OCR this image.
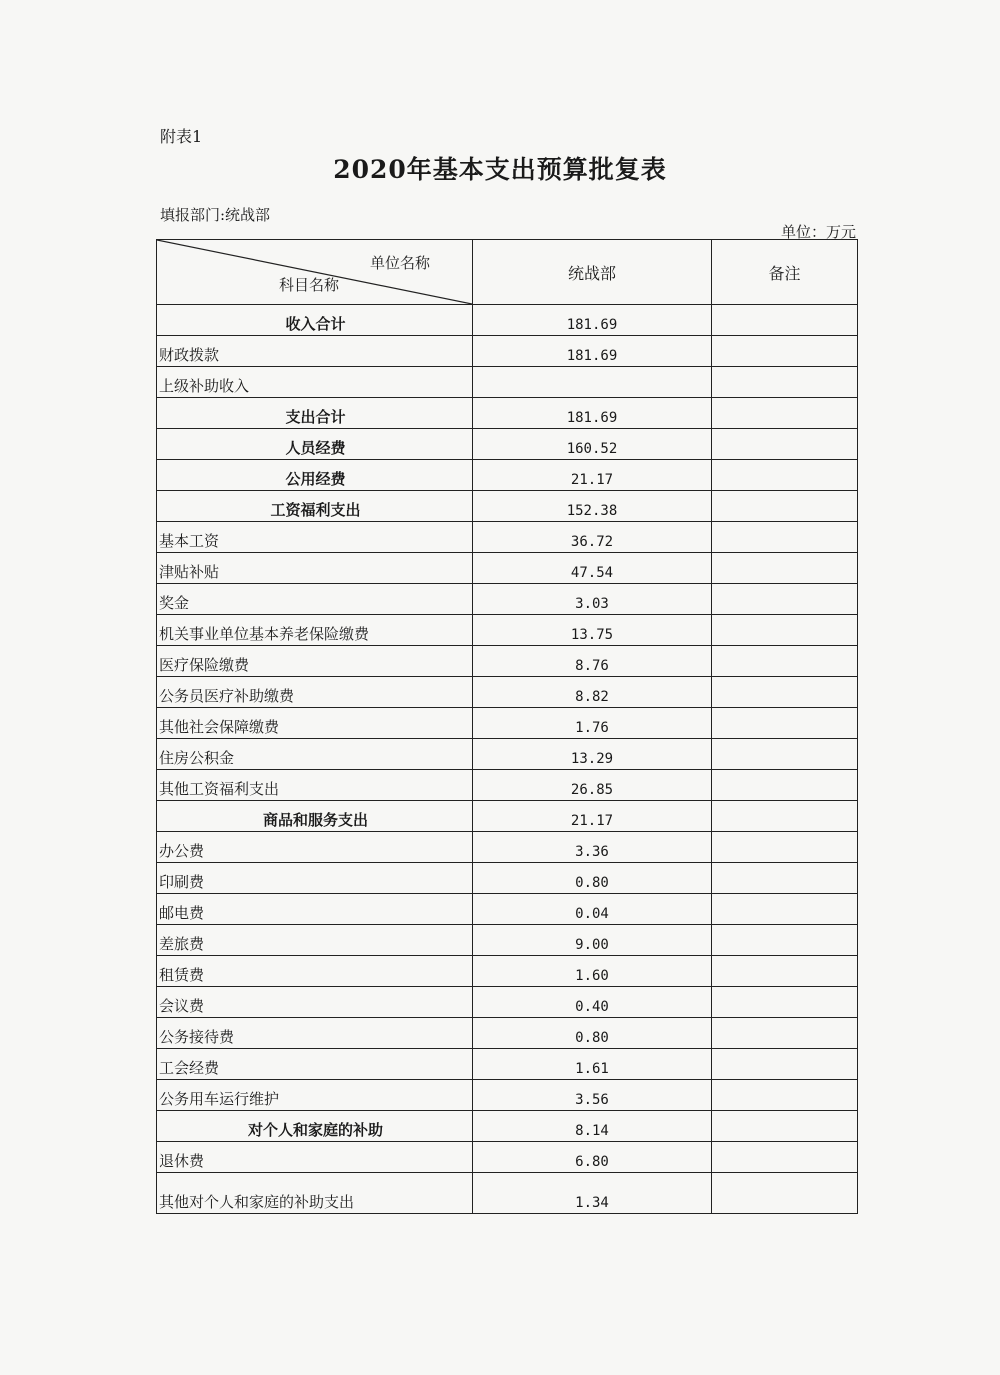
附表1
2020年基本支出预算批复表
填报部门:统战部
单位：万元
单位名称
科目名称	统战部	备注
收入合计	181.69	
财政拨款	181.69	
上级补助收入		
支出合计	181.69	
人员经费	160.52	
公用经费	21.17	
工资福利支出	152.38	
基本工资	36.72	
津贴补贴	47.54	
奖金	3.03	
机关事业单位基本养老保险缴费	13.75	
医疗保险缴费	8.76	
公务员医疗补助缴费	8.82	
其他社会保障缴费	1.76	
住房公积金	13.29	
其他工资福利支出	26.85	
商品和服务支出	21.17	
办公费	3.36	
印刷费	0.80	
邮电费	0.04	
差旅费	9.00	
租赁费	1.60	
会议费	0.40	
公务接待费	0.80	
工会经费	1.61	
公务用车运行维护	3.56	
对个人和家庭的补助	8.14	
退休费	6.80	
其他对个人和家庭的补助支出	1.34	
